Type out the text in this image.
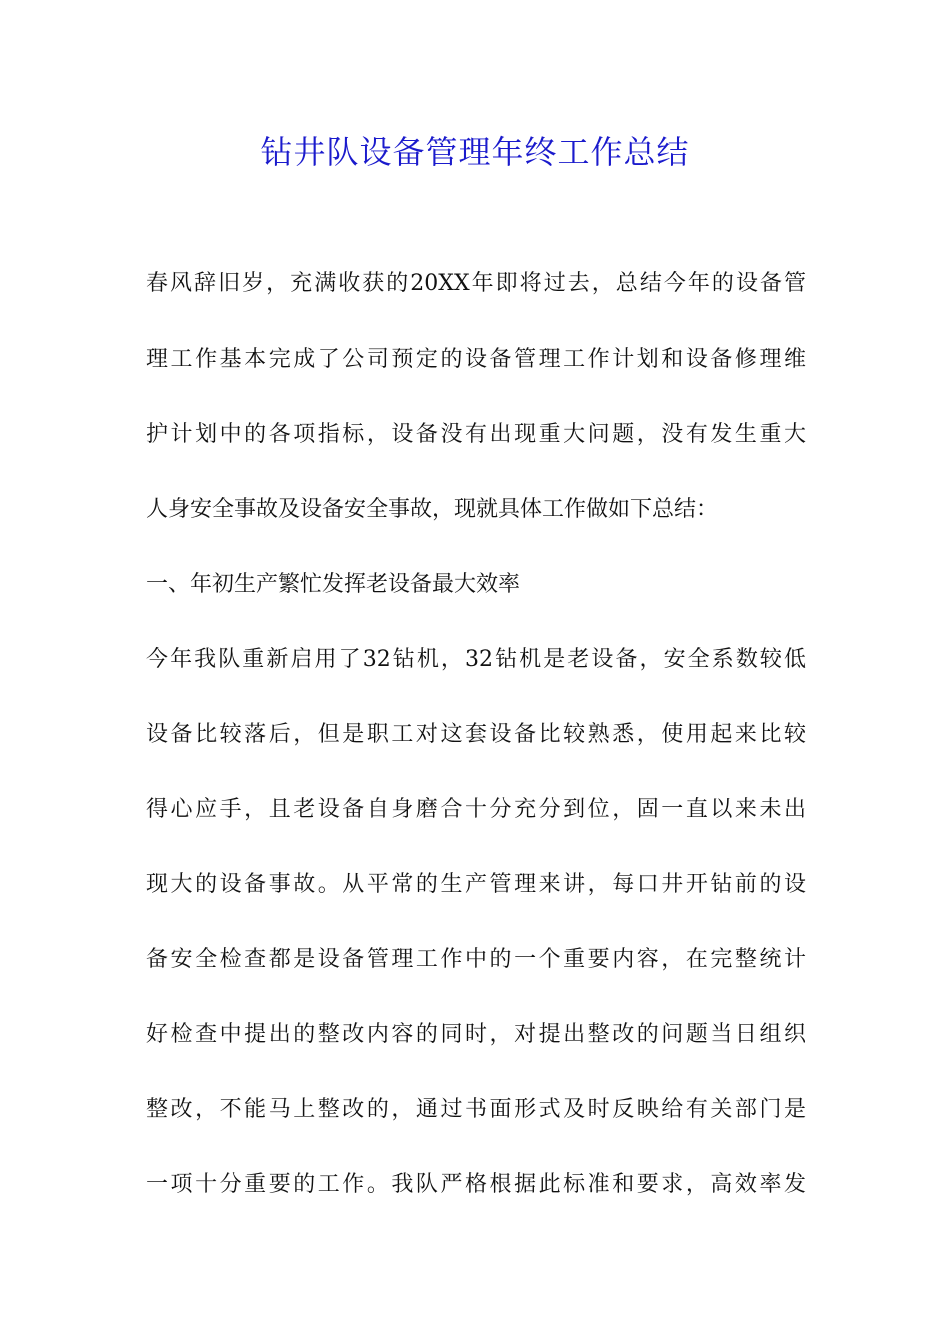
钻井队设备管理年终工作总结
春风辞旧岁，充满收获的20XX年即将过去，总结今年的设备管
理工作基本完成了公司预定的设备管理工作计划和设备修理维
护计划中的各项指标，设备没有出现重大问题，没有发生重大
人身安全事故及设备安全事故，现就具体工作做如下总结：
一、年初生产繁忙发挥老设备最大效率
今年我队重新启用了32钻机，32钻机是老设备，安全系数较低
设备比较落后，但是职工对这套设备比较熟悉，使用起来比较
得心应手，且老设备自身磨合十分充分到位，固一直以来未出
现大的设备事故。从平常的生产管理来讲，每口井开钻前的设
备安全检查都是设备管理工作中的一个重要内容，在完整统计
好检查中提出的整改内容的同时，对提出整改的问题当日组织
整改，不能马上整改的，通过书面形式及时反映给有关部门是
一项十分重要的工作。我队严格根据此标准和要求，高效率发
